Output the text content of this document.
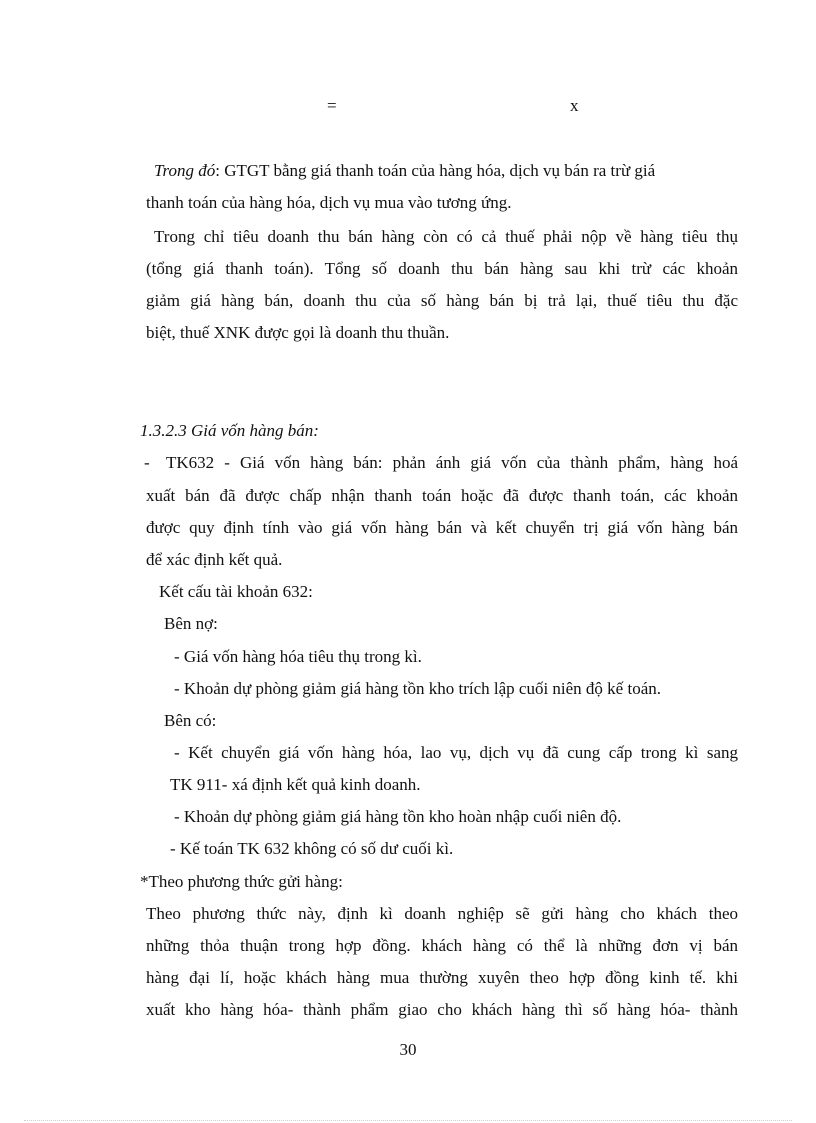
=	x
Trong đó: GTGT bằng giá thanh toán của hàng hóa, dịch vụ bán ra trừ giá
thanh toán của hàng hóa, dịch vụ mua vào tương ứng.
Trong chỉ tiêu doanh thu bán hàng còn có cả thuế phải nộp về hàng tiêu thụ
(tổng giá thanh toán). Tổng số doanh thu bán hàng sau khi trừ các khoản
giảm giá hàng bán, doanh thu của số hàng bán bị trả lại, thuế tiêu thu đặc
biệt, thuế XNK được gọi là doanh thu thuần.
1.3.2.3 Giá vốn hàng bán:
- TK632 - Giá vốn hàng bán: phản ánh giá vốn của thành phẩm, hàng hoá
xuất bán đã được chấp nhận thanh toán hoặc đã được thanh toán, các khoản
được quy định tính vào giá vốn hàng bán và kết chuyển trị giá vốn hàng bán
để xác định kết quả.
Kết cấu tài khoản 632:
Bên nợ:
- Giá vốn hàng hóa tiêu thụ trong kì.
- Khoản dự phòng giảm giá hàng tồn kho trích lập cuối niên độ kế toán.
Bên có:
- Kết chuyển giá vốn hàng hóa, lao vụ, dịch vụ đã cung cấp trong kì sang
TK 911- xá định kết quả kinh doanh.
- Khoản dự phòng giảm giá hàng tồn kho hoàn nhập cuối niên độ.
- Kế toán TK 632 không có số dư cuối kì.
*Theo phương thức gửi hàng:
Theo phương thức này, định kì doanh nghiệp sẽ gửi hàng cho khách theo
những thỏa thuận trong hợp đồng. khách hàng có thể là những đơn vị bán
hàng đại lí, hoặc khách hàng mua thường xuyên theo hợp đồng kinh tế. khi
xuất kho hàng hóa- thành phẩm giao cho khách hàng thì số hàng hóa- thành
30
